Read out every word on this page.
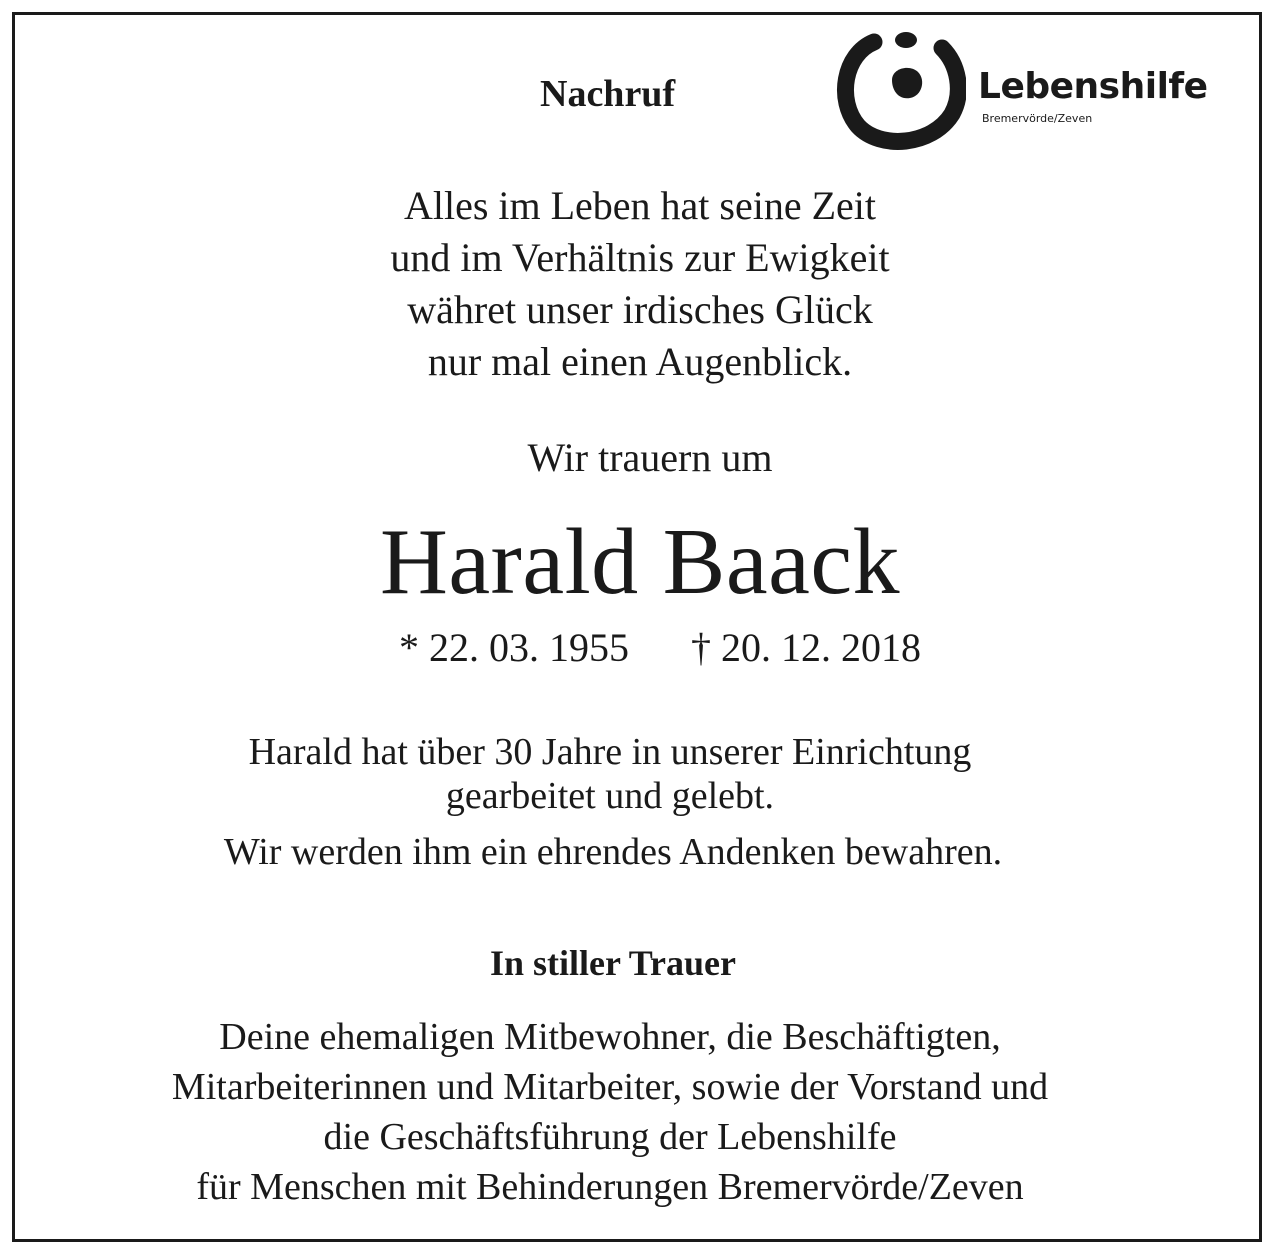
Nachruf	Lebenshilfe
Bremervörde/Zeven
Alles im Leben hat seine Zeit
und im Verhältnis zur Ewigkeit
währet unser irdisches Glück
nur mal einen Augenblick.
Wir trauern um
Harald Baack
* 22. 03. 1955 † 20. 12. 2018
Harald hat über 30 Jahre in unserer Einrichtung
gearbeitet und gelebt.
Wir werden ihm ein ehrendes Andenken bewahren.
In stiller Trauer
Deine ehemaligen Mitbewohner, die Beschäftigten,
Mitarbeiterinnen und Mitarbeiter, sowie der Vorstand und
die Geschäftsführung der Lebenshilfe
für Menschen mit Behinderungen Bremervörde/Zeven
